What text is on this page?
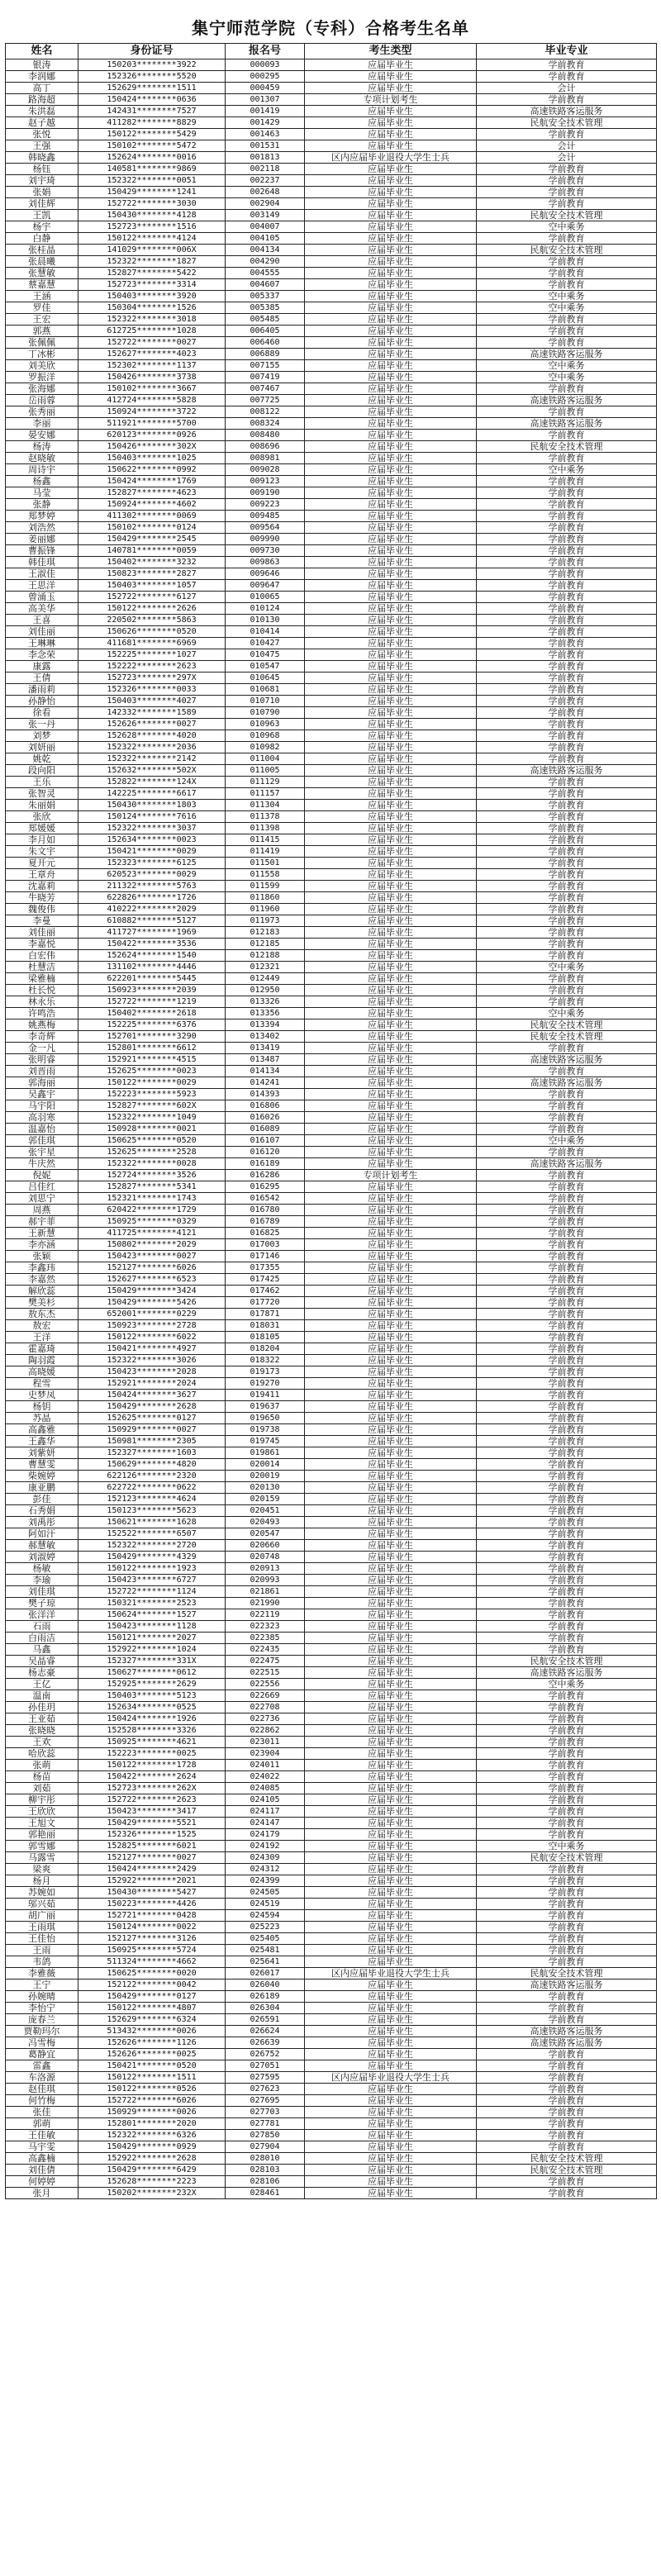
集宁师范学院（专科）合格考生名单
姓名	身份证号	报名号	考生类型	毕业专业
银涛	150203********3922	000093	应届毕业生	学前教育
李润娜	152326********5520	000295	应届毕业生	学前教育
高丁	152629********1511	000459	应届毕业生	会计
路海超	150424********0636	001307	专项计划考生	学前教育
朱洪磊	142431********7527	001419	应届毕业生	高速铁路客运服务
赵子越	411282********8829	001429	应届毕业生	民航安全技术管理
张悦	150122********5429	001463	应届毕业生	学前教育
王强	150102********5472	001531	应届毕业生	会计
韩晓鑫	152624********0016	001813	区内应届毕业退役大学生士兵	会计
杨钰	140581********9869	002118	应届毕业生	学前教育
刘宇琦	152322********0051	002237	应届毕业生	学前教育
张娟	150429********1241	002648	应届毕业生	学前教育
刘佳辉	152722********3030	002904	应届毕业生	学前教育
王凯	150430********4128	003149	应届毕业生	民航安全技术管理
杨宇	152723********1516	004007	应届毕业生	空中乘务
白静	150122********4124	004105	应届毕业生	学前教育
张桂晶	141029********006X	004134	应届毕业生	民航安全技术管理
张晨曦	152322********1827	004290	应届毕业生	学前教育
张慧敏	152827********5422	004555	应届毕业生	学前教育
蔡嘉慧	152723********3314	004607	应届毕业生	学前教育
王涵	150403********3920	005337	应届毕业生	空中乘务
罗佳	150304********1526	005385	应届毕业生	空中乘务
王宏	152322********3018	005485	应届毕业生	学前教育
郭燕	612725********1028	006405	应届毕业生	学前教育
张佩佩	152722********0027	006460	应届毕业生	学前教育
丁冰彬	152627********4023	006889	应届毕业生	高速铁路客运服务
刘美欣	152302********1137	007155	应届毕业生	空中乘务
罗振洋	150426********3738	007419	应届毕业生	空中乘务
张海娜	150102********3667	007467	应届毕业生	学前教育
岳雨蓉	412724********5828	007725	应届毕业生	高速铁路客运服务
张秀丽	150924********3722	008122	应届毕业生	学前教育
李丽	511921********5700	008324	应届毕业生	高速铁路客运服务
晏安娜	620123********0926	008480	应届毕业生	学前教育
杨涛	150426********302X	008696	应届毕业生	民航安全技术管理
赵晓敏	150403********1025	008981	应届毕业生	学前教育
周诗宇	150622********0992	009028	应届毕业生	空中乘务
杨鑫	150424********1769	009123	应届毕业生	学前教育
马莹	152827********4623	009190	应届毕业生	学前教育
张静	150924********4602	009223	应届毕业生	学前教育
郑梦婷	411302********0069	009485	应届毕业生	学前教育
刘浩然	150102********0124	009564	应届毕业生	学前教育
姜丽娜	150429********2545	009990	应届毕业生	学前教育
曹振锋	140781********0059	009730	应届毕业生	学前教育
韩佳琪	150402********3232	009863	应届毕业生	学前教育
王淑佳	150823********2827	009646	应届毕业生	学前教育
王思洋	150403********1057	009647	应届毕业生	学前教育
曾涌玉	152722********6127	010065	应届毕业生	学前教育
高美华	150122********2626	010124	应届毕业生	学前教育
王喜	220502********5863	010130	应届毕业生	学前教育
刘佳丽	150626********0520	010414	应届毕业生	学前教育
王琳琳	411681********6969	010427	应届毕业生	学前教育
李念荣	152225********1027	010475	应届毕业生	学前教育
康露	152222********2623	010547	应届毕业生	学前教育
王倩	152723********297X	010645	应届毕业生	学前教育
潘雨莉	152326********0033	010681	应届毕业生	学前教育
孙静怡	150403********4027	010710	应届毕业生	学前教育
徐看	142332********1589	010790	应届毕业生	学前教育
张一丹	152626********0027	010963	应届毕业生	学前教育
刘梦	152628********4020	010968	应届毕业生	学前教育
刘妍丽	152322********2036	010982	应届毕业生	学前教育
姚乾	152322********2142	011004	应届毕业生	学前教育
段向阳	152632********502X	011005	应届毕业生	高速铁路客运服务
王乐	152822********124X	011129	应届毕业生	学前教育
张智灵	142225********6617	011157	应届毕业生	学前教育
朱丽娟	150430********1803	011304	应届毕业生	学前教育
张欣	150124********7616	011378	应届毕业生	学前教育
郑媛媛	152322********3037	011398	应届毕业生	学前教育
李月如	152634********0023	011415	应届毕业生	学前教育
朱文宇	150421********0029	011419	应届毕业生	学前教育
夏开元	152323********6125	011501	应届毕业生	学前教育
王章舟	620523********0029	011558	应届毕业生	学前教育
沈嘉莉	211322********5763	011599	应届毕业生	学前教育
牛晓芳	622826********1726	011860	应届毕业生	学前教育
魏俊伟	410222********2029	011960	应届毕业生	学前教育
李曼	610882********5127	011973	应届毕业生	学前教育
刘佳丽	411727********1969	012183	应届毕业生	学前教育
李嘉悦	150422********3536	012185	应届毕业生	学前教育
白宏伟	152624********1540	012188	应届毕业生	学前教育
杜慧洁	131102********4446	012321	应届毕业生	空中乘务
梁雅楠	622201********5445	012449	应届毕业生	学前教育
杜长悦	150923********2039	012950	应届毕业生	学前教育
林永乐	152722********1219	013326	应届毕业生	学前教育
许鸣浩	150402********2618	013356	应届毕业生	空中乘务
姚燕梅	152225********6376	013394	应届毕业生	民航安全技术管理
李奇辉	152701********3290	013402	应届毕业生	民航安全技术管理
金一凡	152801********6612	013419	应届毕业生	学前教育
张明睿	152921********4515	013487	应届毕业生	高速铁路客运服务
刘晋雨	152625********0023	014134	应届毕业生	学前教育
郭海丽	150122********0029	014241	应届毕业生	高速铁路客运服务
吴鑫宇	152223********5923	014393	应届毕业生	学前教育
马宇阳	152827********602X	016806	应届毕业生	学前教育
高羽寒	152322********1049	016026	应届毕业生	学前教育
温嘉怡	150928********0021	016089	应届毕业生	学前教育
郭佳琪	150625********0520	016107	应届毕业生	空中乘务
张宇星	152625********2528	016120	应届毕业生	学前教育
牛庆然	152322********0028	016189	应届毕业生	高速铁路客运服务
倪妮	152724********3526	016286	专项计划考生	学前教育
吕佳红	152827********5341	016295	应届毕业生	学前教育
刘思宁	152321********1743	016542	应届毕业生	学前教育
周燕	620422********1729	016780	应届毕业生	学前教育
郝宇菲	150925********0329	016789	应届毕业生	学前教育
王新慧	411725********4121	016825	应届毕业生	学前教育
李亦涵	150802********2029	017003	应届毕业生	学前教育
张颖	150423********0027	017146	应届毕业生	学前教育
李鑫玮	152127********6026	017355	应届毕业生	学前教育
李嘉然	152627********6523	017425	应届毕业生	学前教育
解欣蕊	150429********3424	017462	应届毕业生	学前教育
樊美杉	150429********5426	017720	应届毕业生	学前教育
敖东杰	652001********0229	017871	应届毕业生	学前教育
敖宏	150923********2728	018031	应届毕业生	学前教育
王洋	150122********6022	018105	应届毕业生	学前教育
霍嘉琦	150421********4927	018204	应届毕业生	学前教育
陶羽霞	152322********3026	018322	应届毕业生	学前教育
高晓媛	150423********2028	019173	应届毕业生	学前教育
程雪	152921********2024	019270	应届毕业生	学前教育
史梦凤	150424********3627	019411	应届毕业生	学前教育
杨钥	150429********2628	019637	应届毕业生	学前教育
苏晶	152625********0127	019650	应届毕业生	学前教育
高鑫雅	150929********0027	019738	应届毕业生	学前教育
王鑫华	150981********2305	019745	应届毕业生	学前教育
刘紫妍	152327********1603	019861	应届毕业生	学前教育
曹慧雯	150629********4820	020014	应届毕业生	学前教育
柴婉婷	622126********2320	020019	应届毕业生	学前教育
康亚鹏	622722********0622	020130	应届毕业生	学前教育
彭佳	152123********4624	020159	应届毕业生	学前教育
石秀娟	150123********5623	020451	应届毕业生	学前教育
刘禹彤	150621********1628	020493	应届毕业生	学前教育
阿如汗	152522********6507	020547	应届毕业生	学前教育
郝慧敏	152322********2720	020660	应届毕业生	学前教育
刘淑婷	150429********4329	020748	应届毕业生	学前教育
杨敏	150122********1923	020913	应届毕业生	学前教育
李瑜	150423********6727	020993	应届毕业生	学前教育
刘佳琪	152722********1124	021861	应届毕业生	学前教育
樊子琼	150321********2523	021990	应届毕业生	学前教育
张洋洋	150624********1527	022119	应届毕业生	学前教育
石雨	150423********1128	022323	应届毕业生	学前教育
白雨洁	150121********2027	022385	应届毕业生	学前教育
马鑫	152922********1024	022435	应届毕业生	学前教育
吴晶睿	152327********331X	022475	应届毕业生	民航安全技术管理
杨志豪	150627********0612	022515	应届毕业生	高速铁路客运服务
王亿	152925********2629	022556	应届毕业生	空中乘务
温南	150403********5123	022669	应届毕业生	学前教育
孙佳玥	152634********0525	022708	应届毕业生	学前教育
王亚茹	150424********1926	022736	应届毕业生	学前教育
张晓晓	152528********3326	022862	应届毕业生	学前教育
王欢	150925********4621	023011	应届毕业生	学前教育
哈欣蕊	152223********0025	023904	应届毕业生	学前教育
张萌	150122********1728	024011	应届毕业生	学前教育
杨苗	150422********2624	024022	应届毕业生	学前教育
刘茹	152723********262X	024085	应届毕业生	学前教育
柳宇彤	152722********2623	024105	应届毕业生	学前教育
王欣欣	150423********3417	024117	应届毕业生	学前教育
王旭文	150429********5521	024147	应届毕业生	学前教育
郭艳丽	152326********1525	024179	应届毕业生	学前教育
郭雪娜	152825********6021	024192	应届毕业生	空中乘务
马露雪	152127********0027	024309	应届毕业生	民航安全技术管理
梁爽	150424********2429	024312	应届毕业生	学前教育
杨月	152922********2021	024399	应届毕业生	学前教育
苏婉如	150430********5427	024505	应届毕业生	学前教育
邬兴茹	150223********4426	024519	应届毕业生	学前教育
胡广丽	152721********0428	024594	应届毕业生	学前教育
王雨琪	150124********0022	025223	应届毕业生	学前教育
王佳怡	152127********3126	025405	应届毕业生	学前教育
王雨	150925********5724	025481	应届毕业生	学前教育
韦鸽	511324********4662	025641	应届毕业生	学前教育
李雅薇	150625********0020	026017	区内应届毕业退役大学生士兵	民航安全技术管理
王宁	152122********0042	026040	应届毕业生	高速铁路客运服务
孙婉晴	150429********0127	026189	应届毕业生	学前教育
李怡宁	150122********4807	026304	应届毕业生	学前教育
庞春兰	152629********6324	026591	应届毕业生	学前教育
贾勒玛尔	513432********0026	026624	应届毕业生	高速铁路客运服务
冯雪梅	152626********1126	026639	应届毕业生	高速铁路客运服务
葛静宜	152626********0025	026752	应届毕业生	学前教育
雷鑫	150421********0520	027051	应届毕业生	学前教育
车洛源	150122********1511	027595	区内应届毕业退役大学生士兵	学前教育
赵佳琪	150122********0526	027623	应届毕业生	学前教育
何竹梅	152722********6026	027695	应届毕业生	学前教育
张佳	150929********0026	027703	应届毕业生	学前教育
郭萌	152801********2020	027781	应届毕业生	学前教育
王佳敏	152322********6326	027850	应届毕业生	学前教育
马宇雯	150429********0929	027904	应届毕业生	学前教育
高鑫楠	152922********2628	028010	应届毕业生	民航安全技术管理
刘佳倩	150429********6429	028103	应届毕业生	民航安全技术管理
何婷婷	152628********2223	028106	应届毕业生	学前教育
张月	150202********232X	028461	应届毕业生	学前教育
